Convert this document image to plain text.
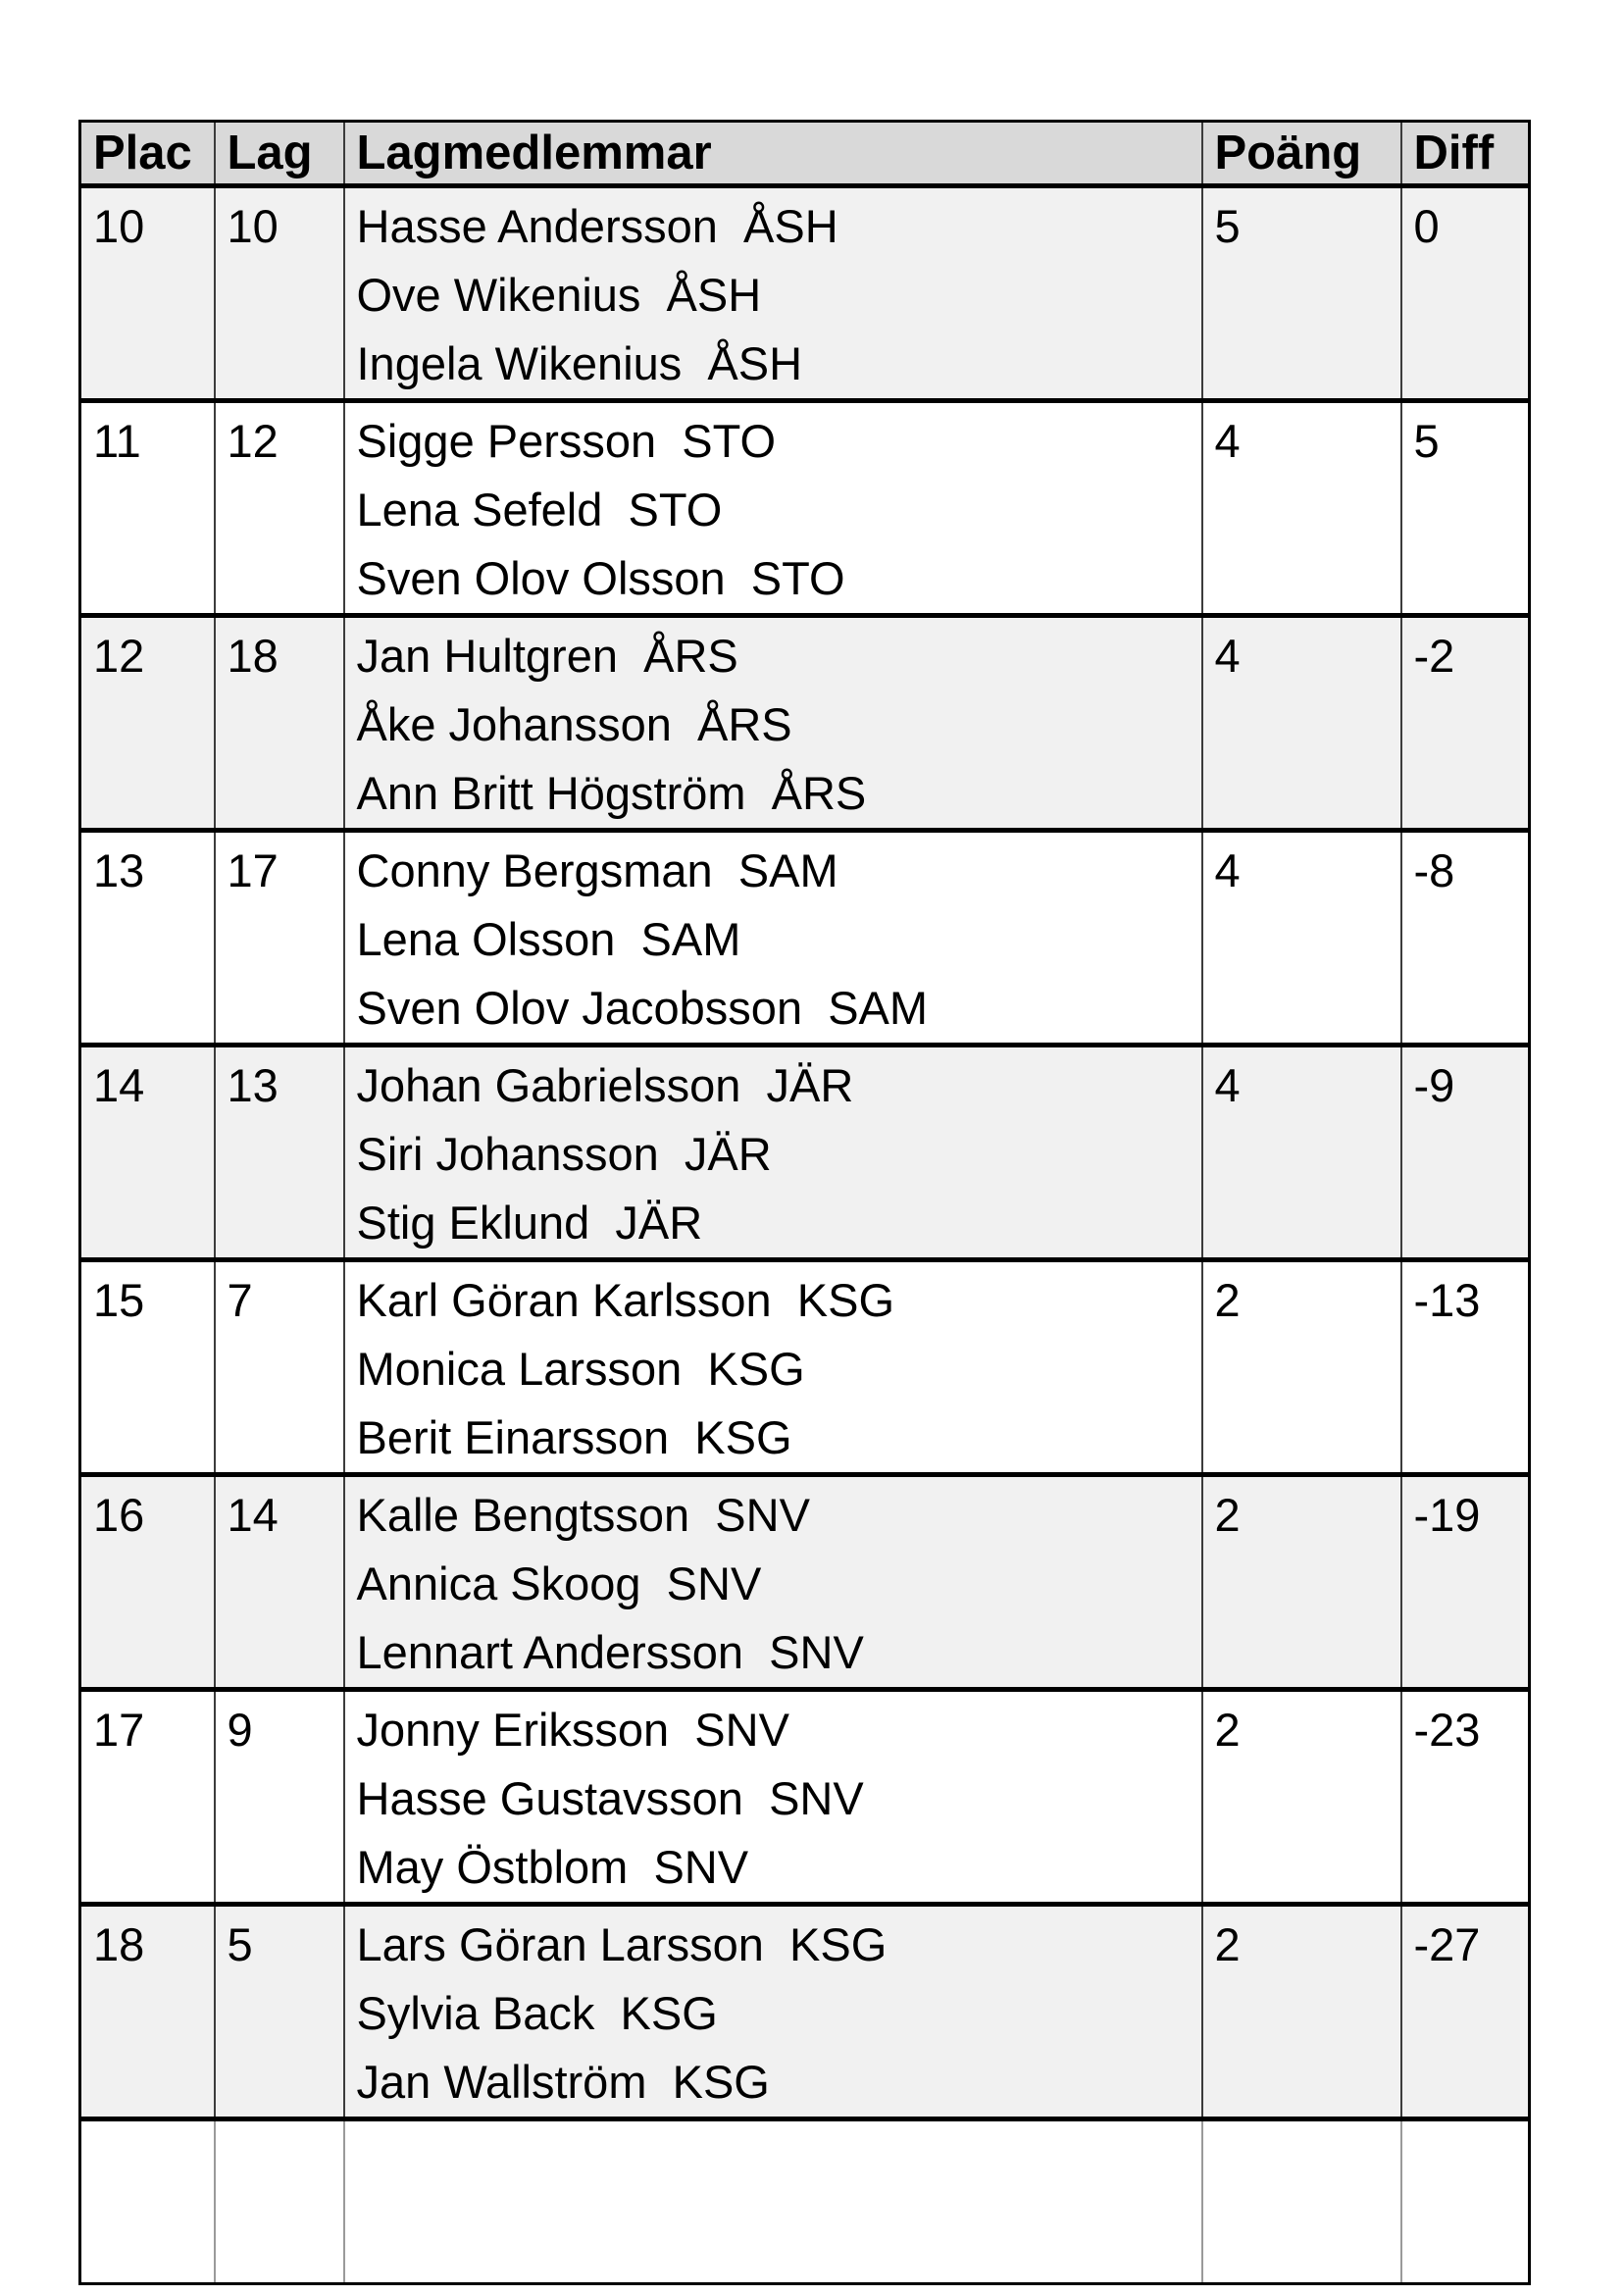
Plac	Lag	Lagmedlemmar	Poäng	Diff
10	10	Hasse Andersson  ÅSH
Ove Wikenius  ÅSH
Ingela Wikenius  ÅSH	5	0
11	12	Sigge Persson  STO
Lena Sefeld  STO
Sven Olov Olsson  STO	4	5
12	18	Jan Hultgren  ÅRS
Åke Johansson  ÅRS
Ann Britt Högström  ÅRS	4	-2
13	17	Conny Bergsman  SAM
Lena Olsson  SAM
Sven Olov Jacobsson  SAM	4	-8
14	13	Johan Gabrielsson  JÄR
Siri Johansson  JÄR
Stig Eklund  JÄR	4	-9
15	7	Karl Göran Karlsson  KSG
Monica Larsson  KSG
Berit Einarsson  KSG	2	-13
16	14	Kalle Bengtsson  SNV
Annica Skoog  SNV
Lennart Andersson  SNV	2	-19
17	9	Jonny Eriksson  SNV
Hasse Gustavsson  SNV
May Östblom  SNV	2	-23
18	5	Lars Göran Larsson  KSG
Sylvia Back  KSG
Jan Wallström  KSG	2	-27
